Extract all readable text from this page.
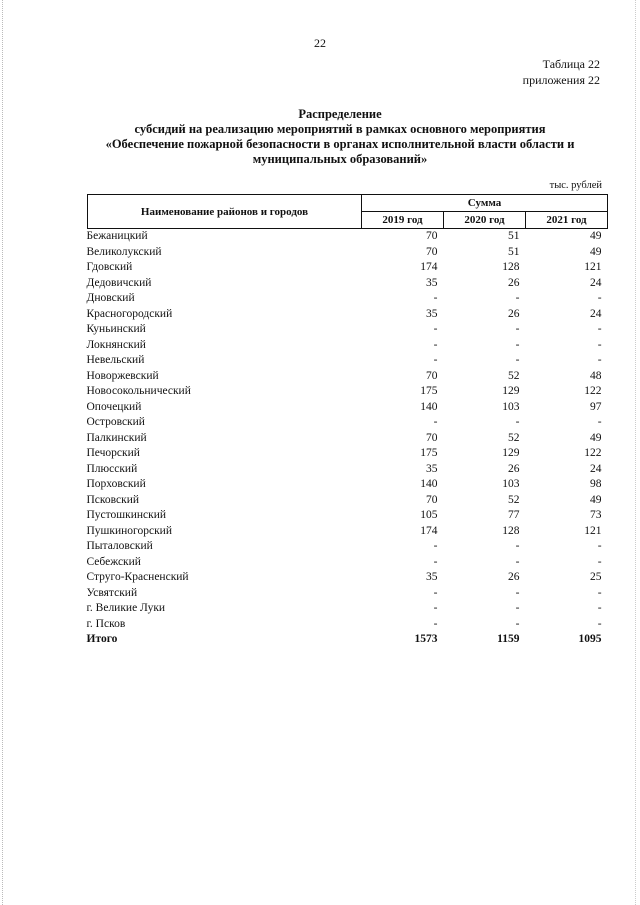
22
Таблица 22
приложения 22
Распределение
субсидий на реализацию мероприятий в рамках основного мероприятия
«Обеспечение пожарной безопасности в органах исполнительной власти области и
муниципальных образований»
тыс. рублей
Наименование районов и городов	Сумма
2019 год	2020 год	2021 год
Бежаницкий	70	51	49
Великолукский	70	51	49
Гдовский	174	128	121
Дедовичский	35	26	24
Дновский	-	-	-
Красногородский	35	26	24
Куньинский	-	-	-
Локнянский	-	-	-
Невельский	-	-	-
Новоржевский	70	52	48
Новосокольнический	175	129	122
Опочецкий	140	103	97
Островский	-	-	-
Палкинский	70	52	49
Печорский	175	129	122
Плюсский	35	26	24
Порховский	140	103	98
Псковский	70	52	49
Пустошкинский	105	77	73
Пушкиногорский	174	128	121
Пыталовский	-	-	-
Себежский	-	-	-
Струго-Красненский	35	26	25
Усвятский	-	-	-
г. Великие Луки	-	-	-
г. Псков	-	-	-
Итого	1573	1159	1095
